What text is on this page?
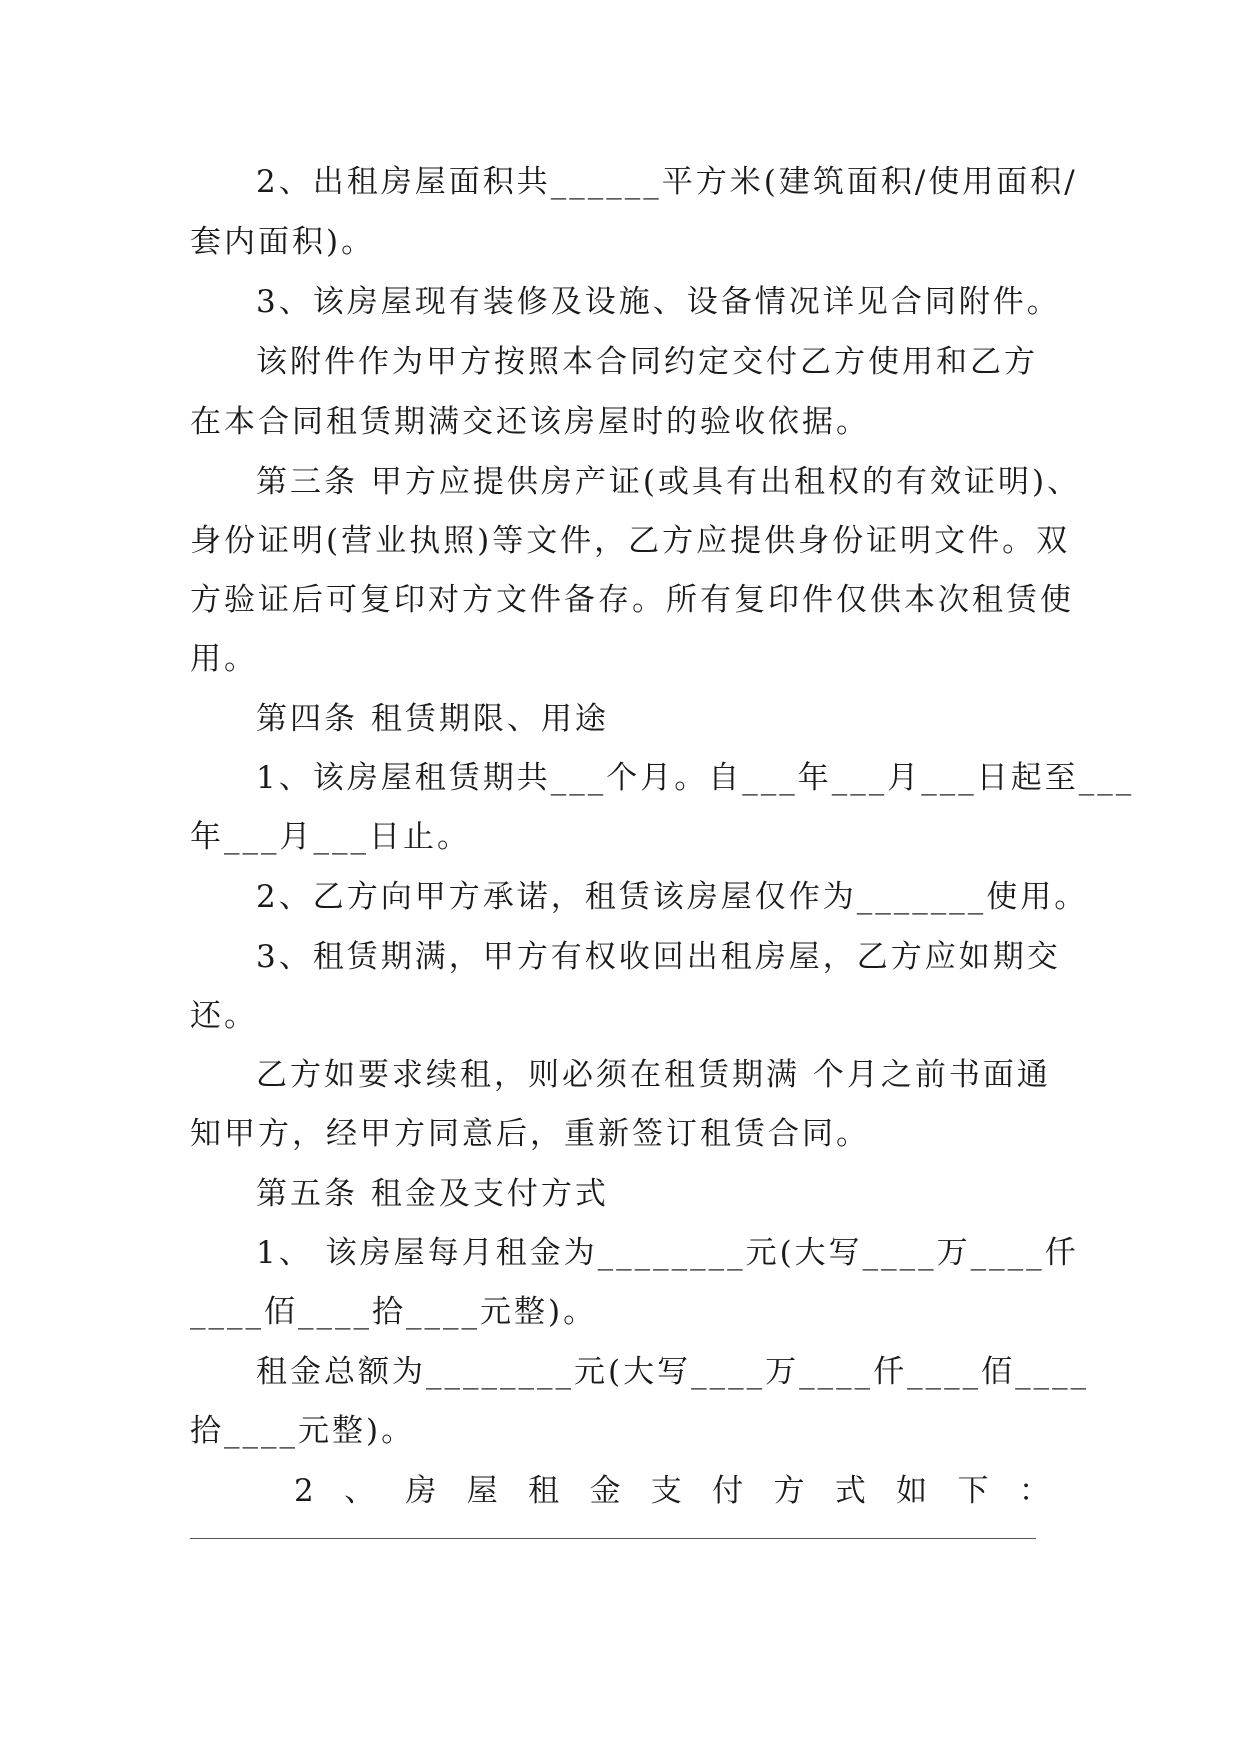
2、出租房屋面积共______平方米(建筑面积/使用面积/
套内面积)。
3、该房屋现有装修及设施、设备情况详见合同附件。
该附件作为甲方按照本合同约定交付乙方使用和乙方
在本合同租赁期满交还该房屋时的验收依据。
第三条 甲方应提供房产证(或具有出租权的有效证明)、
身份证明(营业执照)等文件，乙方应提供身份证明文件。双
方验证后可复印对方文件备存。所有复印件仅供本次租赁使
用。
第四条 租赁期限、用途
1、该房屋租赁期共___个月。自___年___月___日起至___
年___月___日止。
2、乙方向甲方承诺，租赁该房屋仅作为_______使用。
3、租赁期满，甲方有权收回出租房屋，乙方应如期交
还。
乙方如要求续租，则必须在租赁期满 个月之前书面通
知甲方，经甲方同意后，重新签订租赁合同。
第五条 租金及支付方式
1、 该房屋每月租金为________元(大写____万____仟
____佰____拾____元整)。
租金总额为________元(大写____万____仟____佰____
拾____元整)。
2 、 房 屋 租 金 支 付 方 式 如 下 ：
